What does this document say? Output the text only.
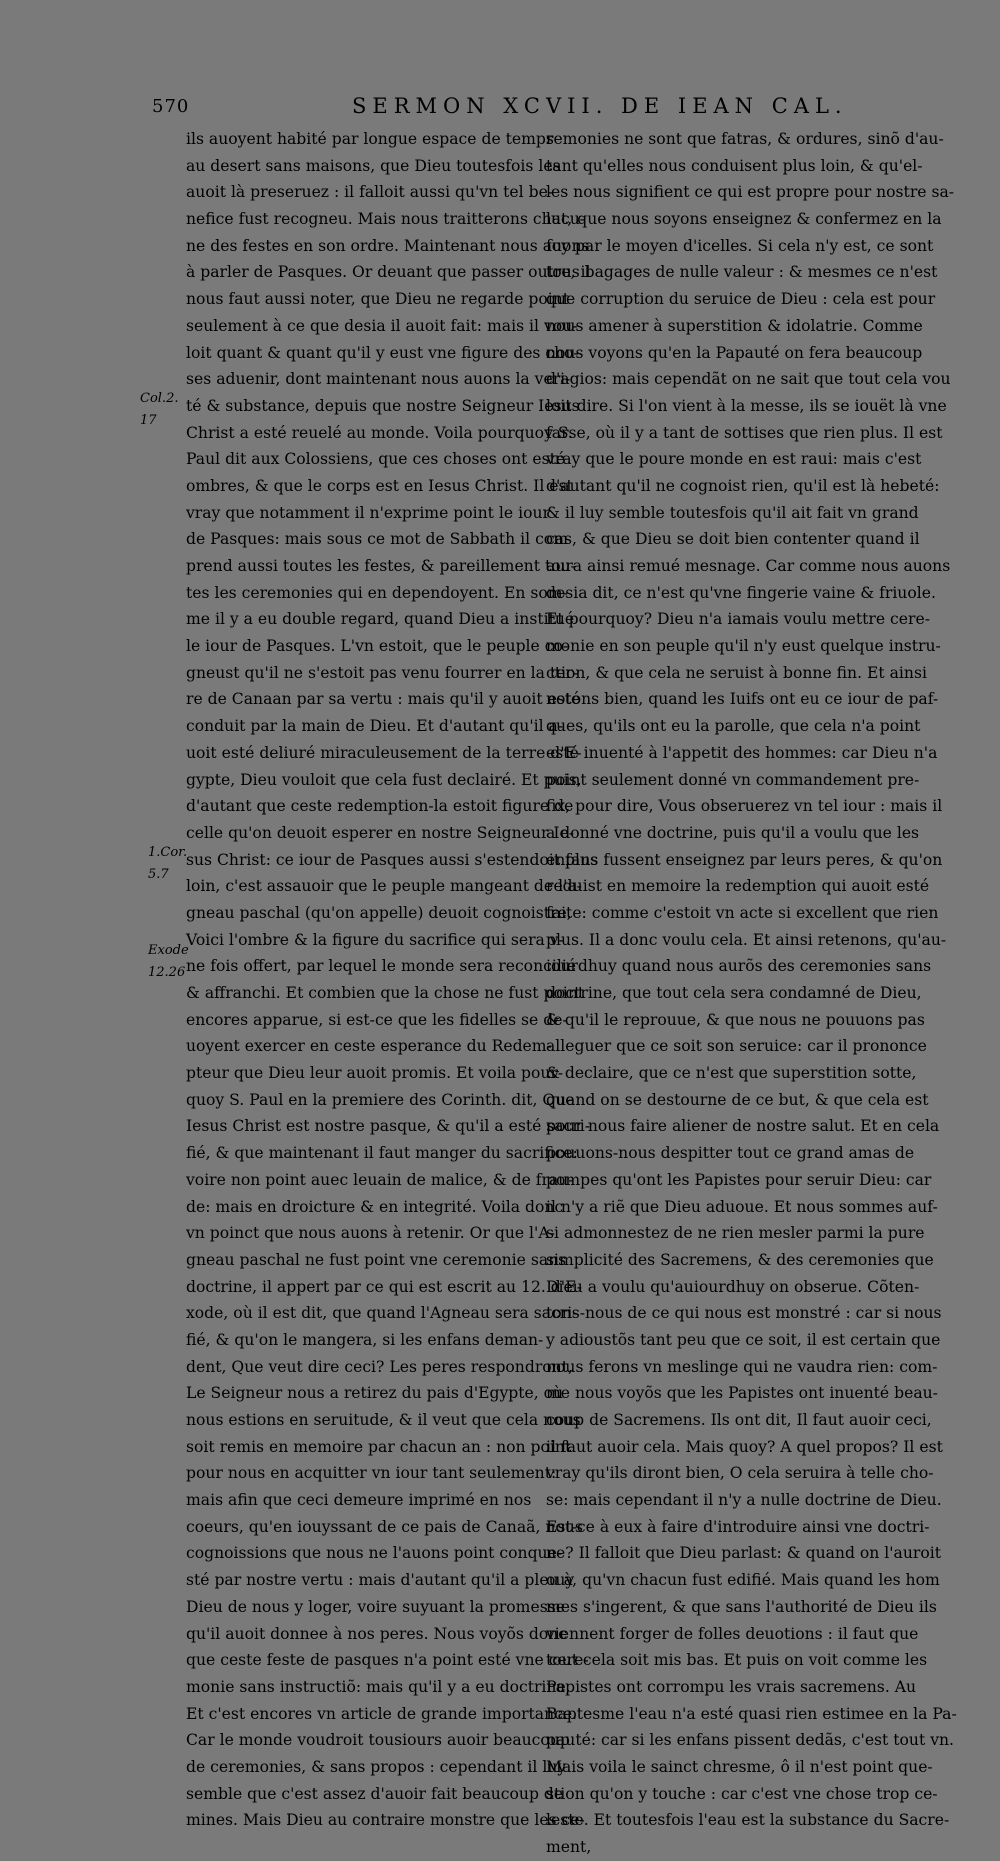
570	SERMON XCVII. DE IEAN CAL.
Col.2.
17
1.Cor.
5.7
Exode
12.26
ils auoyent habité par longue espace de temps
au desert sans maisons, que Dieu toutesfois les
auoit là preseruez : il falloit aussi qu'vn tel be-
nefice fust recogneu. Mais nous traitterons chacu-
ne des festes en son ordre. Maintenant nous auons
à parler de Pasques. Or deuant que passer outre, il
nous faut aussi noter, que Dieu ne regarde point
seulement à ce que desia il auoit fait: mais il vou-
loit quant & quant qu'il y eust vne figure des cho-
ses aduenir, dont maintenant nous auons la veri-
té & substance, depuis que nostre Seigneur Iesus
Christ a esté reuelé au monde. Voila pourquoy S.
Paul dit aux Colossiens, que ces choses ont esté
ombres, & que le corps est en Iesus Christ. Il est
vray que notamment il n'exprime point le iour
de Pasques: mais sous ce mot de Sabbath il com
prend aussi toutes les festes, & pareillement tou-
tes les ceremonies qui en dependoyent. En som-
me il y a eu double regard, quand Dieu a institué
le iour de Pasques. L'vn estoit, que le peuple co-
gneust qu'il ne s'estoit pas venu fourrer en la ter-
re de Canaan par sa vertu : mais qu'il y auoit esté
conduit par la main de Dieu. Et d'autant qu'il a-
uoit esté deliuré miraculeusement de la terre d'E-
gypte, Dieu vouloit que cela fust declairé. Et puis,
d'autant que ceste redemption-la estoit figure de
celle qu'on deuoit esperer en nostre Seigneur Ie-
sus Christ: ce iour de Pasques aussi s'estendoit plus
loin, c'est assauoir que le peuple mangeant de l'a-
gneau paschal (qu'on appelle) deuoit cognoistre,
Voici l'ombre & la figure du sacrifice qui sera v-
ne fois offert, par lequel le monde sera reconcilié
& affranchi. Et combien que la chose ne fust point
encores apparue, si est-ce que les fidelles se de-
uoyent exercer en ceste esperance du Redem-
pteur que Dieu leur auoit promis. Et voila pour-
quoy S. Paul en la premiere des Corinth. dit, Que
Iesus Christ est nostre pasque, & qu'il a esté sacri-
fié, & que maintenant il faut manger du sacrifice:
voire non point auec leuain de malice, & de frau-
de: mais en droicture & en integrité. Voila donc
vn poinct que nous auons à retenir. Or que l'A-
gneau paschal ne fust point vne ceremonie sans
doctrine, il appert par ce qui est escrit au 12. d'E-
xode, où il est dit, que quand l'Agneau sera sacri-
fié, & qu'on le mangera, si les enfans deman-
dent, Que veut dire ceci? Les peres respondront,
Le Seigneur nous a retirez du pais d'Egypte, où
nous estions en seruitude, & il veut que cela nous
soit remis en memoire par chacun an : non point
pour nous en acquitter vn iour tant seulement:
mais afin que ceci demeure imprimé en nos
coeurs, qu'en iouyssant de ce pais de Canaã, nous
cognoissions que nous ne l'auons point conque-
sté par nostre vertu : mais d'autant qu'il a pleu à
Dieu de nous y loger, voire suyuant la promesse
qu'il auoit donnee à nos peres. Nous voyõs donc
que ceste feste de pasques n'a point esté vne cere-
monie sans instructiõ: mais qu'il y a eu doctrine,
Et c'est encores vn article de grande importance.
Car le monde voudroit tousiours auoir beaucoup
de ceremonies, & sans propos : cependant il luy
semble que c'est assez d'auoir fait beaucoup de
mines. Mais Dieu au contraire monstre que les ce-
remonies ne sont que fatras, & ordures, sinõ d'au-
tant qu'elles nous conduisent plus loin, & qu'el-
les nous signifient ce qui est propre pour nostre sa-
lut, que nous soyons enseignez & confermez en la
foy par le moyen d'icelles. Si cela n'y est, ce sont
tous bagages de nulle valeur : & mesmes ce n'est
que corruption du seruice de Dieu : cela est pour
nous amener à superstition & idolatrie. Comme
nous voyons qu'en la Papauté on fera beaucoup
d'agios: mais cependãt on ne sait que tout cela vou
loit dire. Si l'on vient à la messe, ils se iouët là vne
farse, où il y a tant de sottises que rien plus. Il est
vray que le poure monde en est raui: mais c'est
d'autant qu'il ne cognoist rien, qu'il est là hebeté:
& il luy semble toutesfois qu'il ait fait vn grand
cas, & que Dieu se doit bien contenter quand il
aura ainsi remué mesnage. Car comme nous auons
desia dit, ce n'est qu'vne fingerie vaine & friuole.
Et pourquoy? Dieu n'a iamais voulu mettre cere-
monie en son peuple qu'il n'y eust quelque instru-
ction, & que cela ne seruist à bonne fin. Et ainsi
notons bien, quand les Iuifs ont eu ce iour de paf-
ques, qu'ils ont eu la parolle, que cela n'a point
esté inuenté à l'appetit des hommes: car Dieu n'a
point seulement donné vn commandement pre-
fix, pour dire, Vous obseruerez vn tel iour : mais il
a donné vne doctrine, puis qu'il a voulu que les
enfans fussent enseignez par leurs peres, & qu'on
reduist en memoire la redemption qui auoit esté
faite: comme c'estoit vn acte si excellent que rien
plus. Il a donc voulu cela. Et ainsi retenons, qu'au-
iourdhuy quand nous aurõs des ceremonies sans
doctrine, que tout cela sera condamné de Dieu,
& qu'il le reprouue, & que nous ne pouuons pas
alleguer que ce soit son seruice: car il prononce
& declaire, que ce n'est que superstition sotte,
quand on se destourne de ce but, & que cela est
pour nous faire aliener de nostre salut. Et en cela
pouuons-nous despitter tout ce grand amas de
pompes qu'ont les Papistes pour seruir Dieu: car
il n'y a riẽ que Dieu aduoue. Et nous sommes auf-
si admonnestez de ne rien mesler parmi la pure
simplicité des Sacremens, & des ceremonies que
Dieu a voulu qu'auiourdhuy on obserue. Cõten-
tons-nous de ce qui nous est monstré : car si nous
y adioustõs tant peu que ce soit, il est certain que
nous ferons vn meslinge qui ne vaudra rien: com-
me nous voyõs que les Papistes ont inuenté beau-
coup de Sacremens. Ils ont dit, Il faut auoir ceci,
il faut auoir cela. Mais quoy? A quel propos? Il est
vray qu'ils diront bien, O cela seruira à telle cho-
se: mais cependant il n'y a nulle doctrine de Dieu.
Est-ce à eux à faire d'introduire ainsi vne doctri-
ne? Il falloit que Dieu parlast: & quand on l'auroit
ouy, qu'vn chacun fust edifié. Mais quand les hom
mes s'ingerent, & que sans l'authorité de Dieu ils
viennent forger de folles deuotions : il faut que
tout cela soit mis bas. Et puis on voit comme les
Papistes ont corrompu les vrais sacremens. Au
Baptesme l'eau n'a esté quasi rien estimee en la Pa-
pauté: car si les enfans pissent dedãs, c'est tout vn.
Mais voila le sainct chresme, ô il n'est point que-
stion qu'on y touche : car c'est vne chose trop ce-
leste. Et toutesfois l'eau est la substance du Sacre-
ment,
